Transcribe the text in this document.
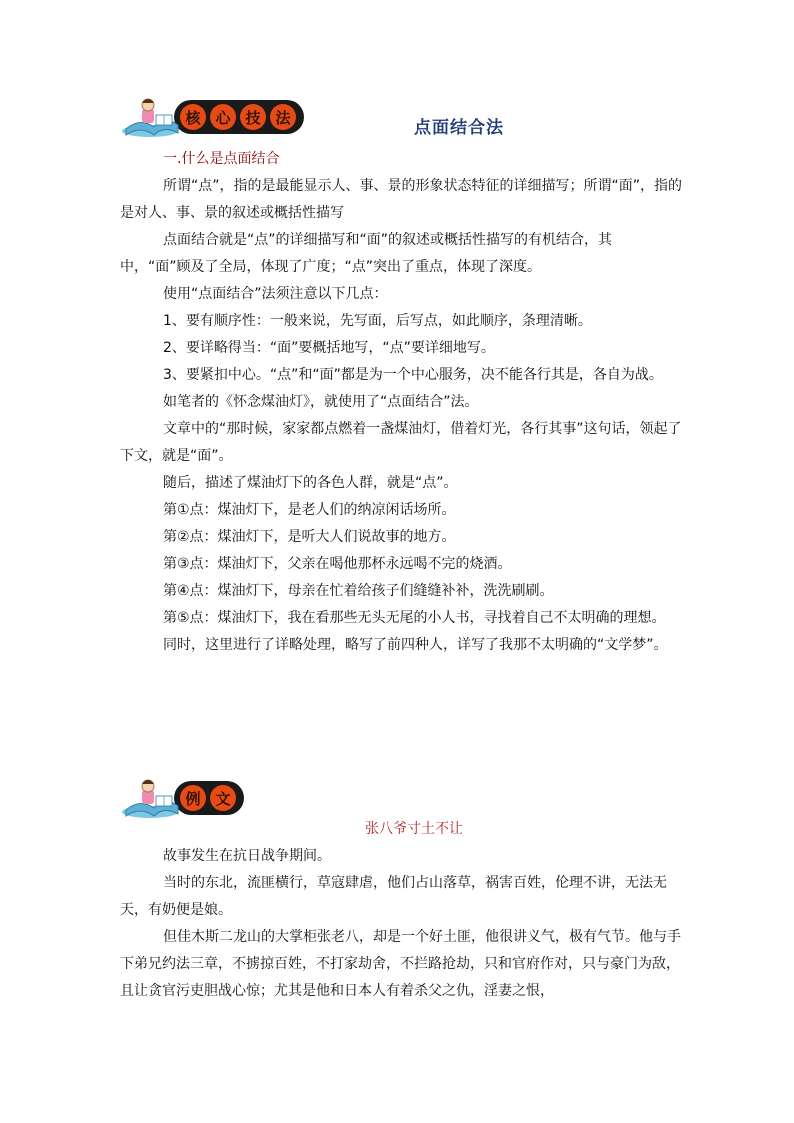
核 心 技 法
点面结合法
一.什么是点面结合

所谓“点”，指的是最能显示人、事、景的形象状态特征的详细描写；所谓“面”，指的是对人、事、景的叙述或概括性描写

点面结合就是“点”的详细描写和“面”的叙述或概括性描写的有机结合，其中，“面”顾及了全局，体现了广度；“点”突出了重点，体现了深度。

使用“点面结合”法须注意以下几点：

1、要有顺序性：一般来说，先写面，后写点，如此顺序，条理清晰。

2、要详略得当：“面”要概括地写，“点”要详细地写。

3、要紧扣中心。“点”和“面”都是为一个中心服务，决不能各行其是，各自为战。

如笔者的《怀念煤油灯》，就使用了“点面结合”法。

文章中的“那时候，家家都点燃着一盏煤油灯，借着灯光，各行其事”这句话，领起了下文，就是“面”。

随后，描述了煤油灯下的各色人群，就是“点”。

第①点：煤油灯下，是老人们的纳凉闲话场所。

第②点：煤油灯下，是听大人们说故事的地方。

第③点：煤油灯下，父亲在喝他那杯永远喝不完的烧酒。

第④点：煤油灯下，母亲在忙着给孩子们缝缝补补，洗洗刷刷。

第⑤点：煤油灯下，我在看那些无头无尾的小人书，寻找着自己不太明确的理想。

同时，这里进行了详略处理，略写了前四种人，详写了我那不太明确的“文学梦”。

例 文
张八爷寸土不让

故事发生在抗日战争期间。

当时的东北，流匪横行，草寇肆虐，他们占山落草，祸害百姓，伦理不讲，无法无天，有奶便是娘。

但佳木斯二龙山的大掌柜张老八，却是一个好土匪，他很讲义气，极有气节。他与手下弟兄约法三章，不掳掠百姓，不打家劫舍，不拦路抢劫，只和官府作对，只与豪门为敌，且让贪官污吏胆战心惊；尤其是他和日本人有着杀父之仇，淫妻之恨，
